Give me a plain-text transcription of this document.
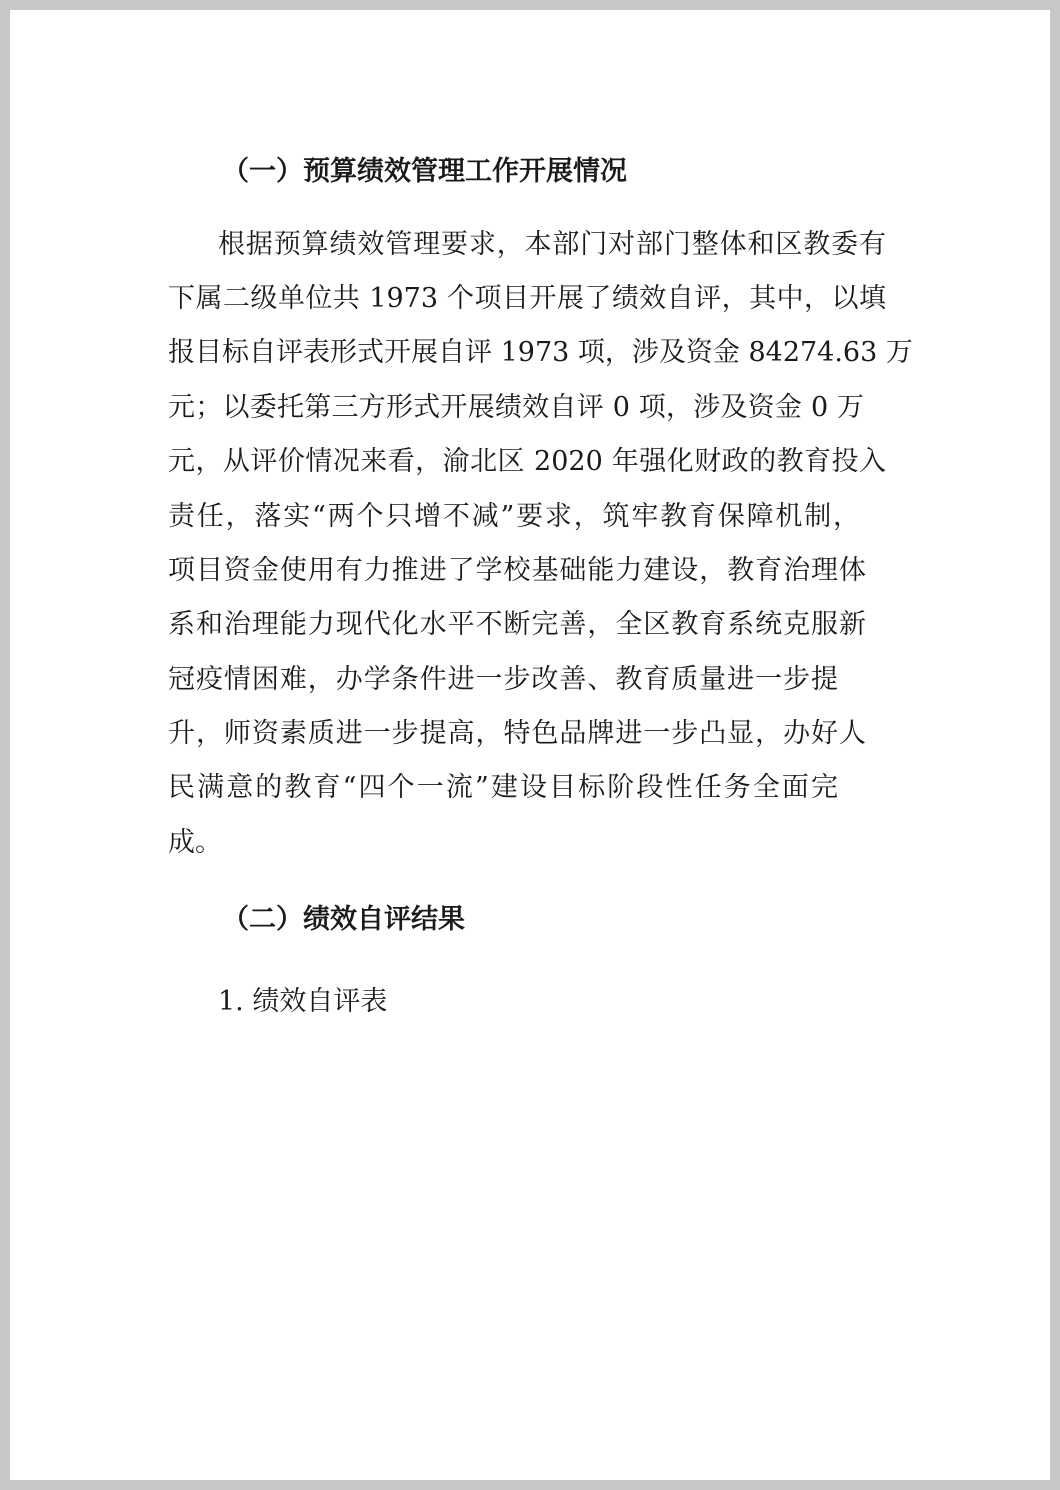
（一）预算绩效管理工作开展情况
根据预算绩效管理要求，本部门对部门整体和区教委有
下属二级单位共 1973 个项目开展了绩效自评，其中，以填
报目标自评表形式开展自评 1973 项，涉及资金 84274.63 万
元；以委托第三方形式开展绩效自评 0 项，涉及资金 0 万
元，从评价情况来看，渝北区 2020 年强化财政的教育投入
责任，落实“两个只增不减”要求，筑牢教育保障机制，
项目资金使用有力推进了学校基础能力建设，教育治理体
系和治理能力现代化水平不断完善，全区教育系统克服新
冠疫情困难，办学条件进一步改善、教育质量进一步提
升，师资素质进一步提高，特色品牌进一步凸显，办好人
民满意的教育“四个一流”建设目标阶段性任务全面完
成。
（二）绩效自评结果
1. 绩效自评表
